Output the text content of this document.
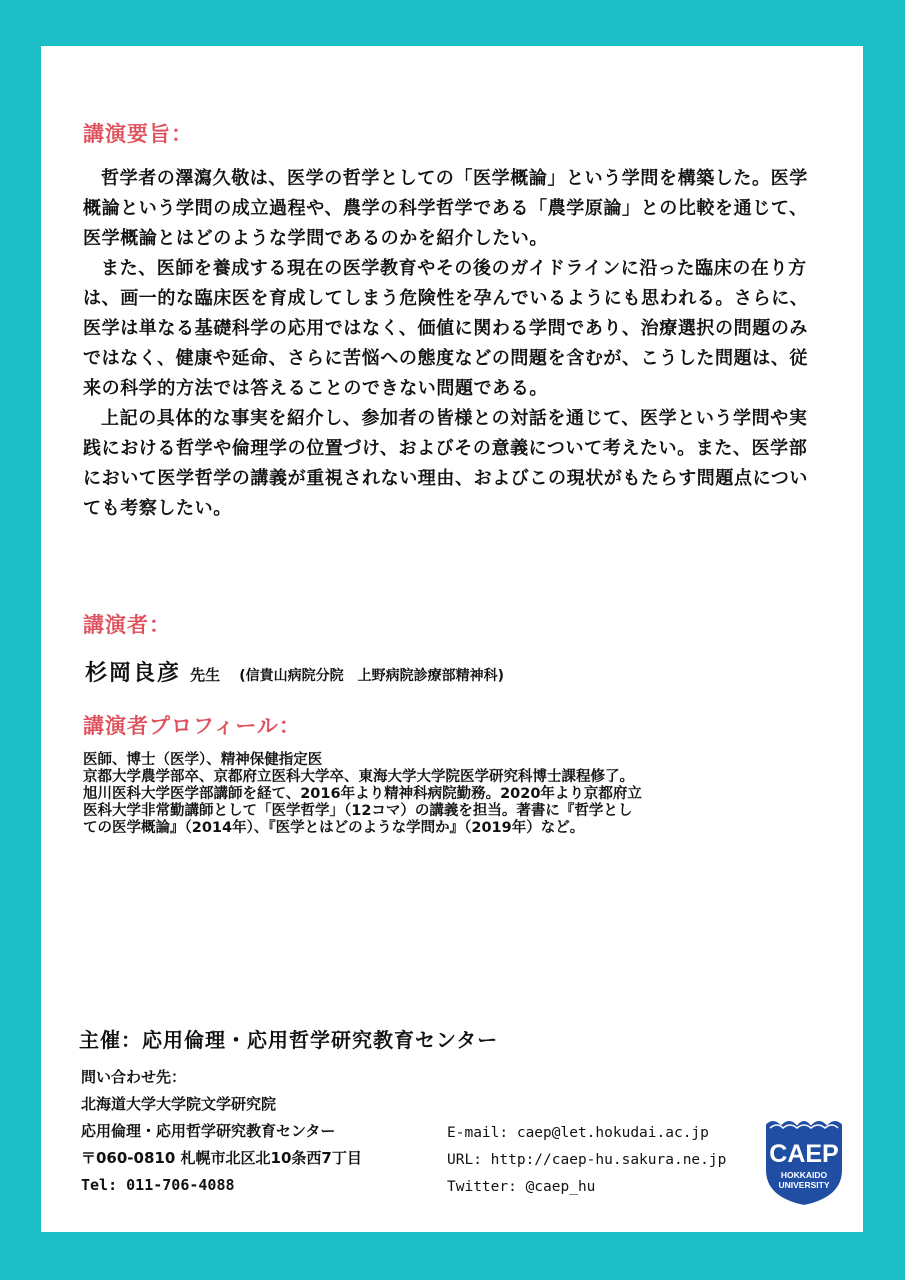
講演要旨：

哲学者の澤瀉久敬は、医学の哲学としての「医学概論」という学問を構築した。医学概論という学問の成立過程や、農学の科学哲学である「農学原論」との比較を通じて、医学概論とはどのような学問であるのかを紹介したい。

また、医師を養成する現在の医学教育やその後のガイドラインに沿った臨床の在り方は、画一的な臨床医を育成してしまう危険性を孕んでいるようにも思われる。さらに、医学は単なる基礎科学の応用ではなく、価値に関わる学問であり、治療選択の問題のみではなく、健康や延命、さらに苦悩への態度などの問題を含むが、こうした問題は、従来の科学的方法では答えることのできない問題である。

上記の具体的な事実を紹介し、参加者の皆様との対話を通じて、医学という学問や実践における哲学や倫理学の位置づけ、およびその意義について考えたい。また、医学部において医学哲学の講義が重視されない理由、およびこの現状がもたらす問題点についても考察したい。

講演者：
杉岡良彦 先生 (信貴山病院分院　上野病院診療部精神科)
講演者プロフィール：
医師、博士（医学）、精神保健指定医
京都大学農学部卒、京都府立医科大学卒、東海大学大学院医学研究科博士課程修了。
旭川医科大学医学部講師を経て、2016年より精神科病院勤務。2020年より京都府立
医科大学非常勤講師として「医学哲学」（12コマ）の講義を担当。著書に『哲学とし
ての医学概論』（2014年）、『医学とはどのような学問か』（2019年）など。
主催：応用倫理・応用哲学研究教育センター
問い合わせ先：
北海道大学大学院文学研究院
応用倫理・応用哲学研究教育センター
〒060-0810 札幌市北区北10条西7丁目
Tel: 011-706-4088
E-mail: caep@let.hokudai.ac.jp
URL: http://caep-hu.sakura.ne.jp
Twitter: @caep_hu
CAEP
HOKKAIDO
UNIVERSITY
